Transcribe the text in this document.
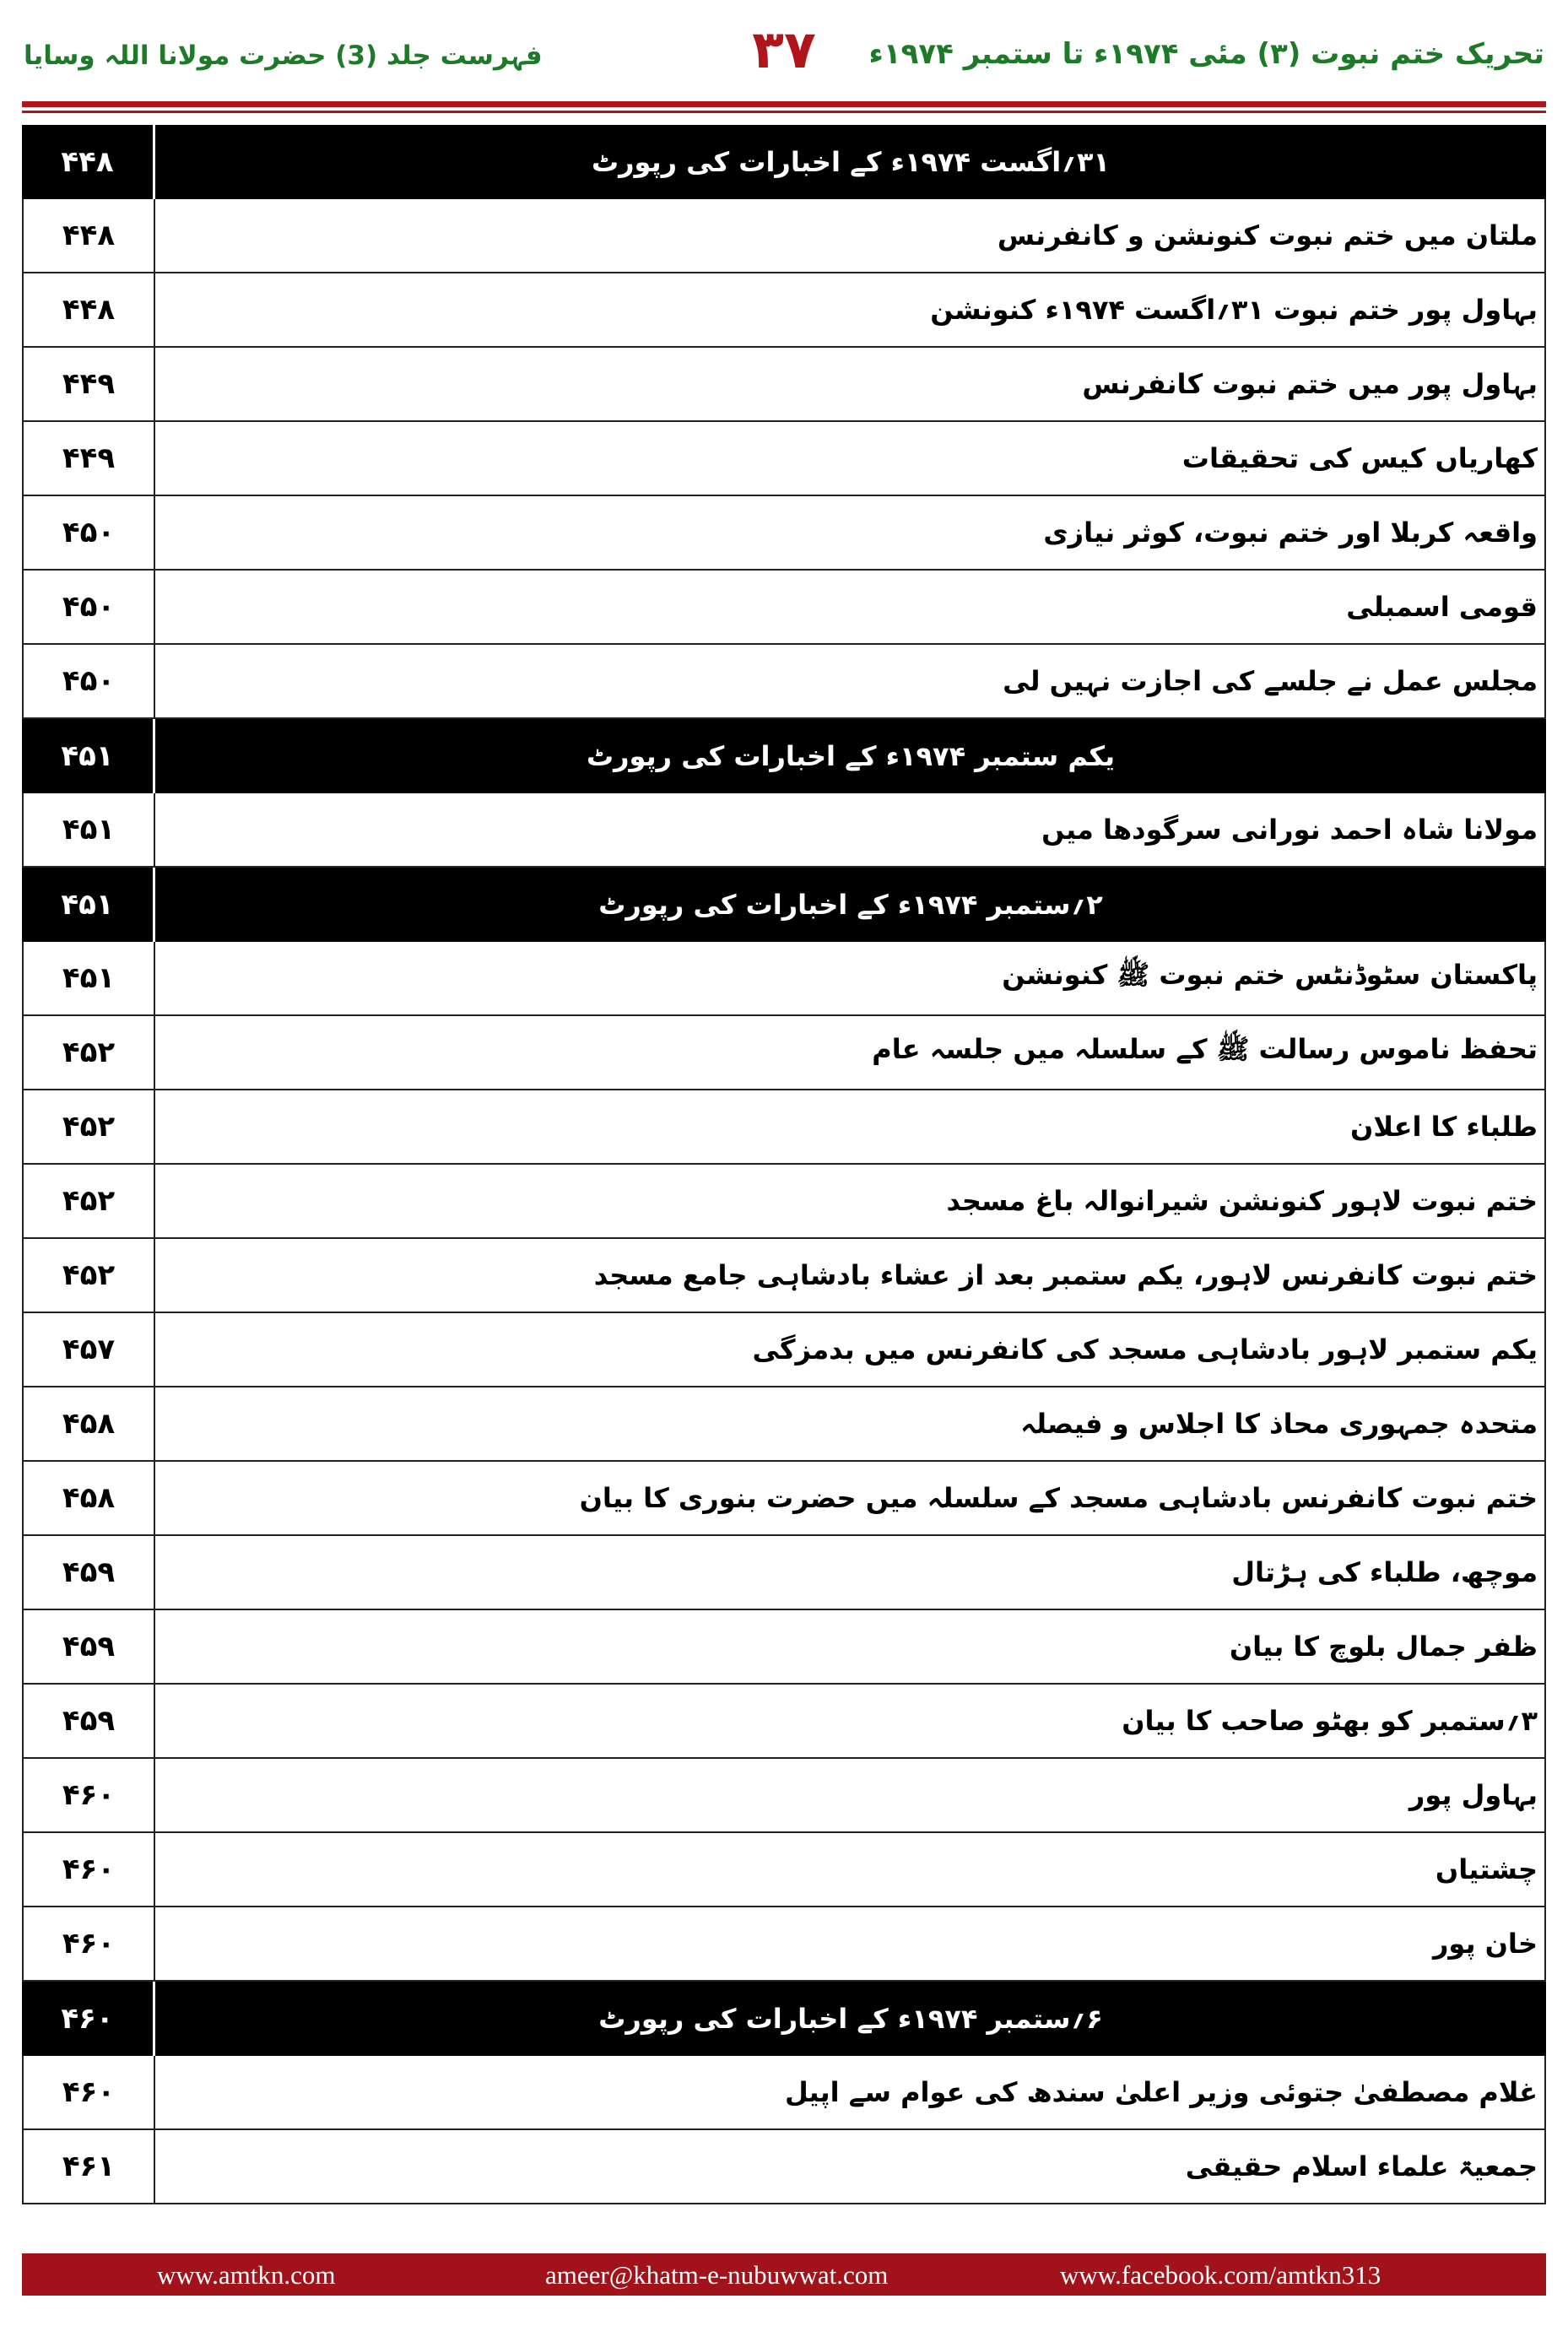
تحریک ختم نبوت (۳) مئی ۱۹۷۴ء تا ستمبر ۱۹۷۴ء
۳۷
فہرست جلد (3) حضرت مولانا اللہ وسایا
۴۴۸	۳۱؍اگست ۱۹۷۴ء کے اخبارات کی رپورٹ
۴۴۸	ملتان میں ختم نبوت کنونشن و کانفرنس
۴۴۸	بہاول پور ختم نبوت ۳۱؍اگست ۱۹۷۴ء کنونشن
۴۴۹	بہاول پور میں ختم نبوت کانفرنس
۴۴۹	کھاریاں کیس کی تحقیقات
۴۵۰	واقعہ کربلا اور ختم نبوت، کوثر نیازی
۴۵۰	قومی اسمبلی
۴۵۰	مجلس عمل نے جلسے کی اجازت نہیں لی
۴۵۱	یکم ستمبر ۱۹۷۴ء کے اخبارات کی رپورٹ
۴۵۱	مولانا شاہ احمد نورانی سرگودھا میں
۴۵۱	۲؍ستمبر ۱۹۷۴ء کے اخبارات کی رپورٹ
۴۵۱	پاکستان سٹوڈنٹس ختم نبوت ﷺ کنونشن
۴۵۲	تحفظ ناموس رسالت ﷺ کے سلسلہ میں جلسہ عام
۴۵۲	طلباء کا اعلان
۴۵۲	ختم نبوت لاہور کنونشن شیرانوالہ باغ مسجد
۴۵۲	ختم نبوت کانفرنس لاہور، یکم ستمبر بعد از عشاء بادشاہی جامع مسجد
۴۵۷	یکم ستمبر لاہور بادشاہی مسجد کی کانفرنس میں بدمزگی
۴۵۸	متحدہ جمہوری محاذ کا اجلاس و فیصلہ
۴۵۸	ختم نبوت کانفرنس بادشاہی مسجد کے سلسلہ میں حضرت بنوری کا بیان
۴۵۹	موچھ، طلباء کی ہڑتال
۴۵۹	ظفر جمال بلوچ کا بیان
۴۵۹	۳؍ستمبر کو بھٹو صاحب کا بیان
۴۶۰	بہاول پور
۴۶۰	چشتیاں
۴۶۰	خان پور
۴۶۰	۶؍ستمبر ۱۹۷۴ء کے اخبارات کی رپورٹ
۴۶۰	غلام مصطفیٰ جتوئی وزیر اعلیٰ سندھ کی عوام سے اپیل
۴۶۱	جمعیۃ علماء اسلام حقیقی
www.amtkn.com	ameer@khatm-e-nubuwwat.com	www.facebook.com/amtkn313
